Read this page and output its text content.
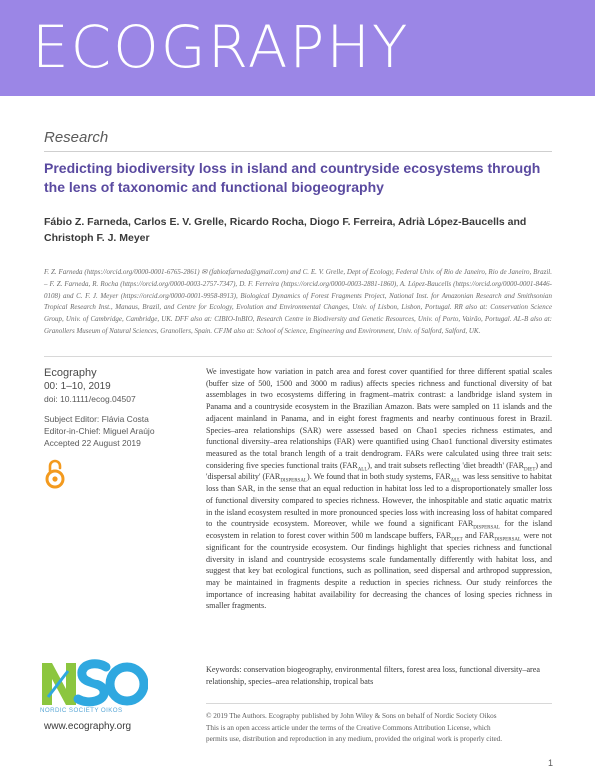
ECOGRAPHY
Research
Predicting biodiversity loss in island and countryside ecosystems through the lens of taxonomic and functional biogeography
Fábio Z. Farneda, Carlos E. V. Grelle, Ricardo Rocha, Diogo F. Ferreira, Adrià López-Baucells and Christoph F. J. Meyer

F. Z. Farneda (https://orcid.org/0000-0001-6765-2861) ✉ (fabiozfarneda@gmail.com) and C. E. V. Grelle, Dept of Ecology, Federal Univ. of Rio de Janeiro, Rio de Janeiro, Brazil. – F. Z. Farneda, R. Rocha (https://orcid.org/0000-0003-2757-7347), D. F. Ferreira (https://orcid.org/0000-0003-2881-1860), A. López-Baucells (https://orcid.org/0000-0001-8446-0108) and C. F. J. Meyer (https://orcid.org/0000-0001-9958-8913), Biological Dynamics of Forest Fragments Project, National Inst. for Amazonian Research and Smithsonian Tropical Research Inst., Manaus, Brazil, and Centre for Ecology, Evolution and Environmental Changes, Univ. of Lisbon, Lisbon, Portugal. RR also at: Conservation Science Group, Univ. of Cambridge, Cambridge, UK. DFF also at: CIBIO-InBIO, Research Centre in Biodiversity and Genetic Resources, Univ. of Porto, Vairão, Portugal. AL-B also at: Granollers Museum of Natural Sciences, Granollers, Spain. CFJM also at: School of Science, Engineering and Environment, Univ. of Salford, Salford, UK.

Ecography
00: 1–10, 2019
doi: 10.1111/ecog.04507
Subject Editor: Flávia Costa
Editor-in-Chief: Miguel Araújo
Accepted 22 August 2019
We investigate how variation in patch area and forest cover quantified for three different spatial scales (buffer size of 500, 1500 and 3000 m radius) affects species richness and functional diversity of bat assemblages in two ecosystems differing in fragment–matrix contrast: a landbridge island system in Panama and a countryside ecosystem in the Brazilian Amazon. Bats were sampled on 11 islands and the adjacent mainland in Panama, and in eight forest fragments and nearby continuous forest in Brazil. Species–area relationships (SAR) were assessed based on Chao1 species richness estimates, and functional diversity–area relationships (FAR) were quantified using Chao1 functional diversity estimates measured as the total branch length of a trait dendrogram. FARs were calculated using three trait sets: considering five species functional traits $(FAR_{ALL})$, and trait subsets reflecting 'diet breadth' $(FAR_{DIET})$ and 'dispersal ability' $(FAR_{DISPERSAL})$. We found that in both study systems, $FAR_{ALL}$ was less sensitive to habitat loss than SAR, in the sense that an equal reduction in habitat loss led to a disproportionately smaller loss of functional diversity compared to species richness. However, the inhospitable and static aquatic matrix in the island ecosystem resulted in more pronounced species loss with increasing loss of habitat compared to the countryside ecosystem. Moreover, while we found a significant $FAR_{DISPERSAL}$ for the island ecosystem in relation to forest cover within 500 m landscape buffers, $FAR_{DIET}$ and $FAR_{DISPERSAL}$ were not significant for the countryside ecosystem. Our findings highlight that species richness and functional diversity in island and countryside ecosystems scale fundamentally differently with habitat loss, and suggest that key bat ecological functions, such as pollination, seed dispersal and arthropod suppression, may be maintained in fragments despite a reduction in species richness. Our study reinforces the importance of increasing habitat availability for decreasing the chances of losing species richness in smaller fragments.
Keywords: conservation biogeography, environmental filters, forest area loss, functional diversity–area relationship, species–area relationship, tropical bats
NORDIC SOCIETY OIKOS
www.ecography.org
© 2019 The Authors. Ecography published by John Wiley & Sons on behalf of Nordic Society Oikos This is an open access article under the terms of the Creative Commons Attribution License, which permits use, distribution and reproduction in any medium, provided the original work is properly cited.
1
